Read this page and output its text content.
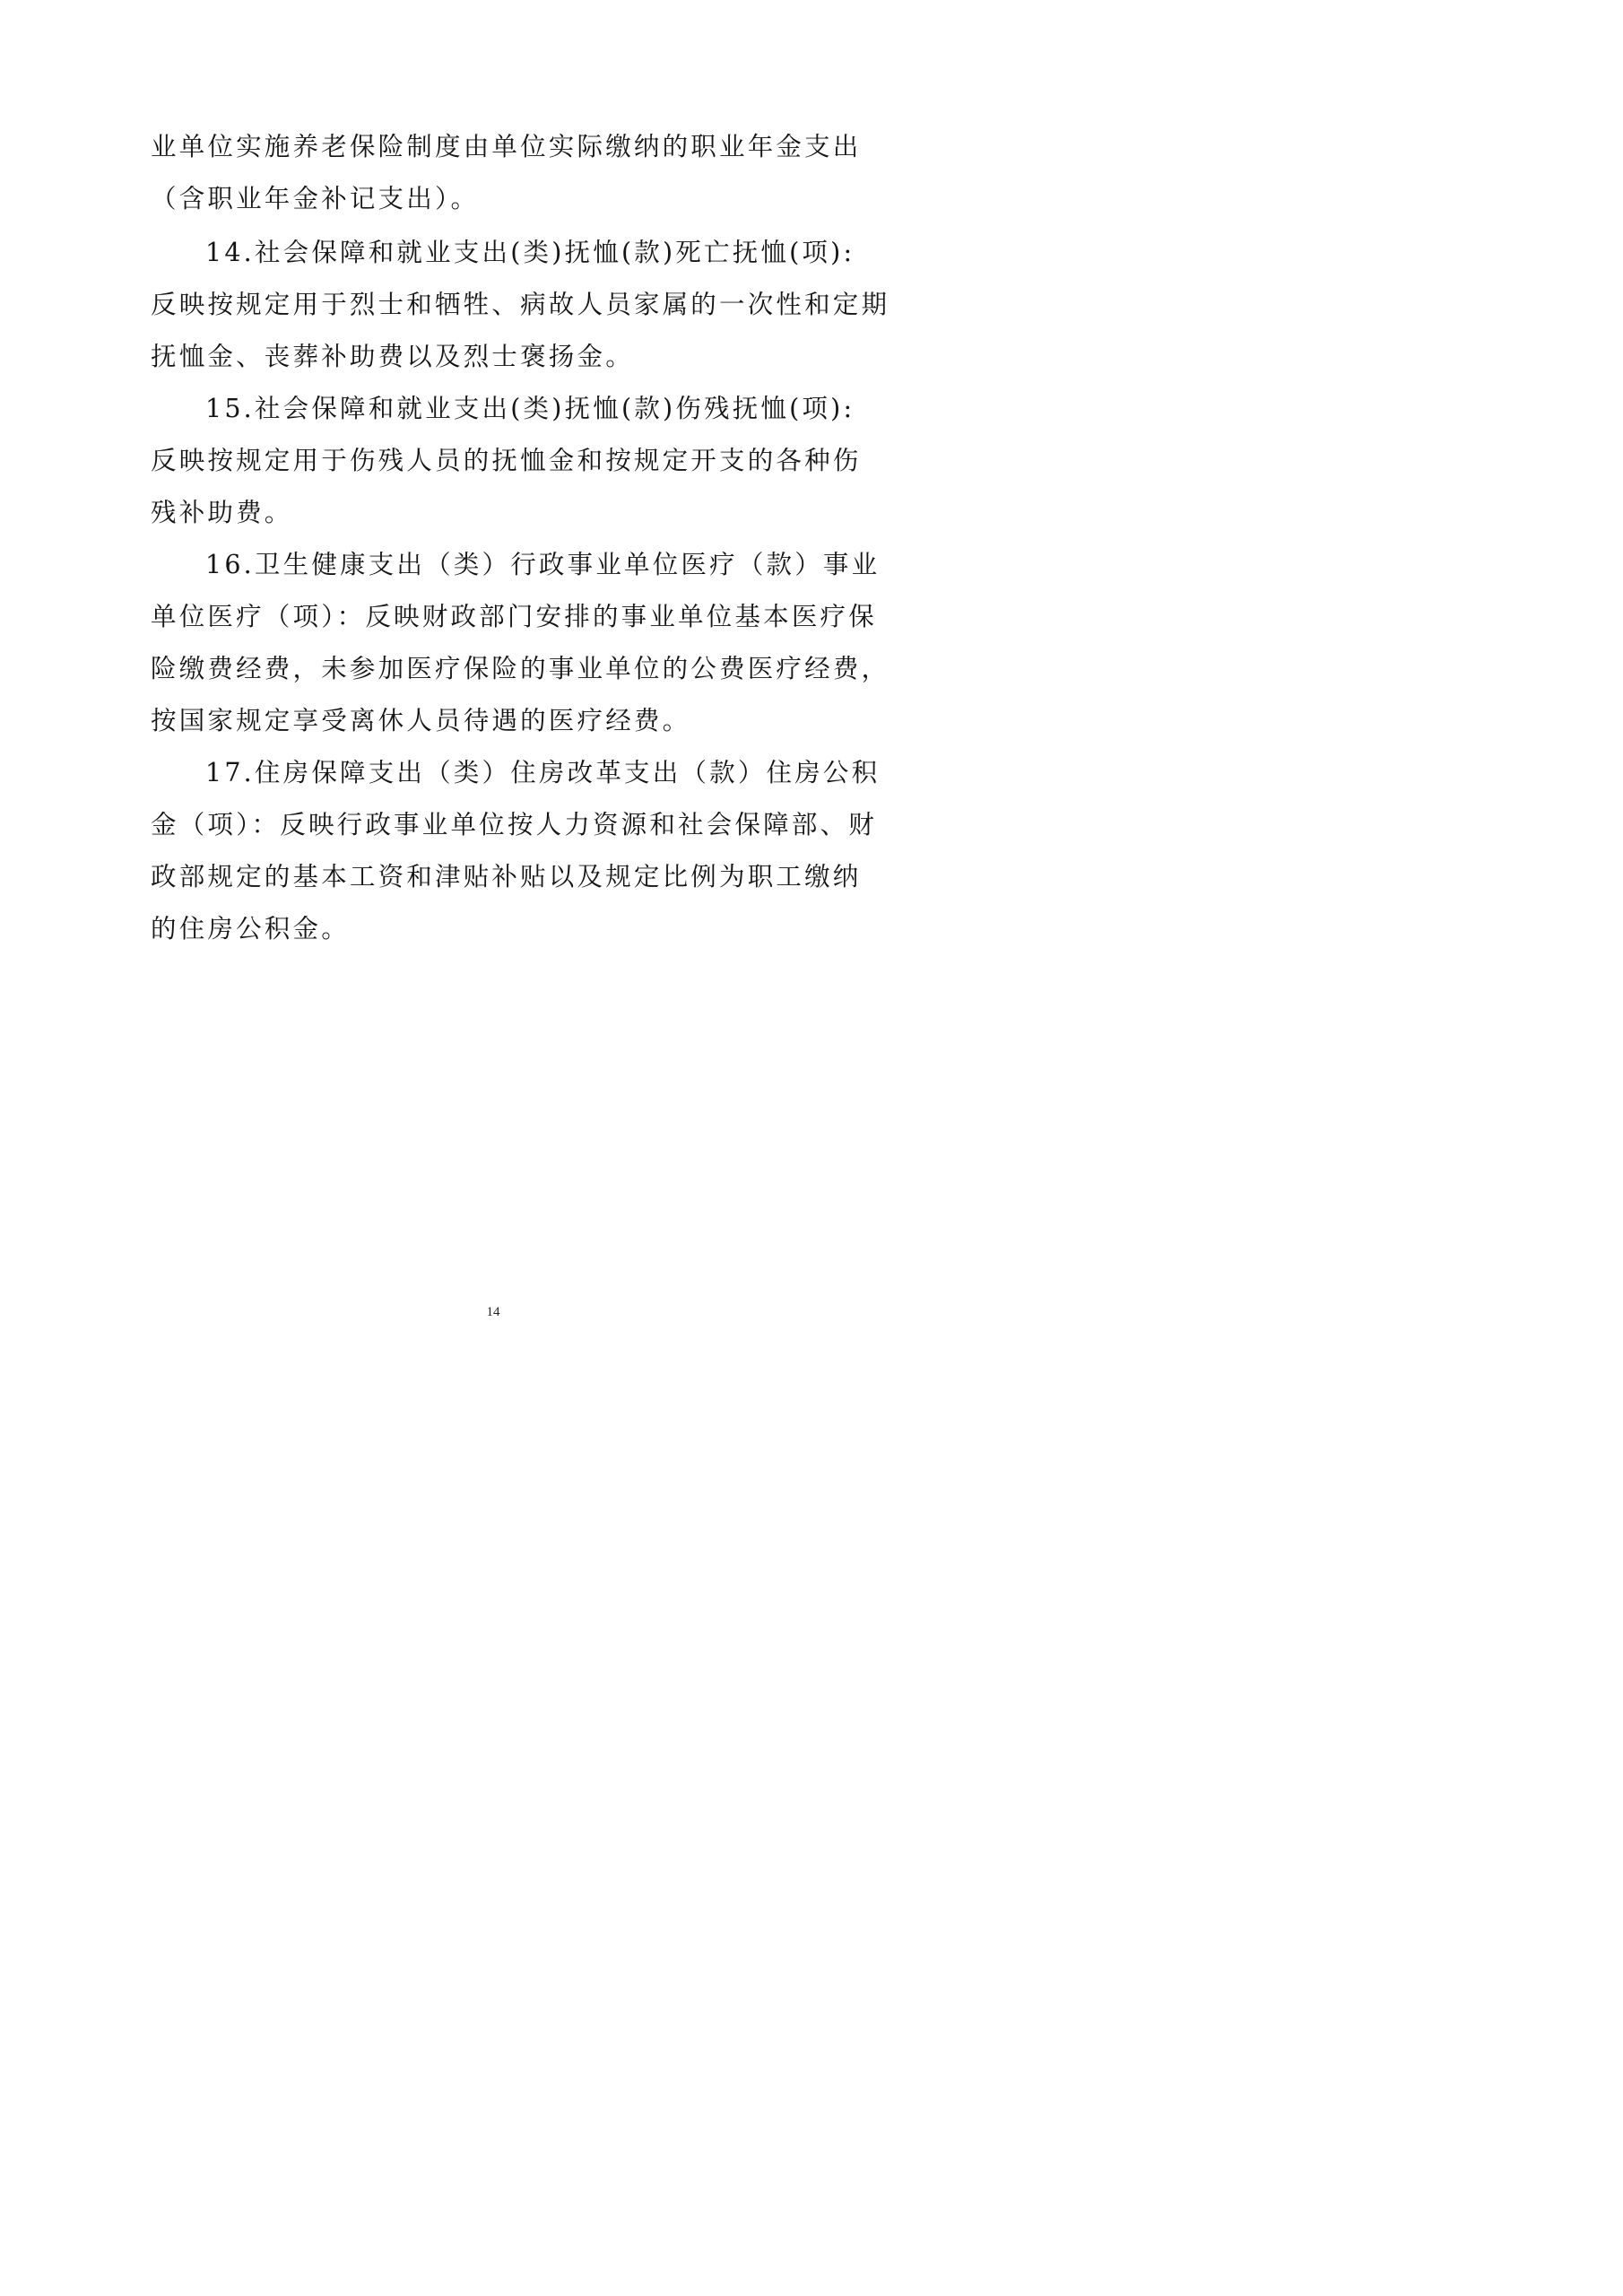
业单位实施养老保险制度由单位实际缴纳的职业年金支出

（含职业年金补记支出）。

14.社会保障和就业支出(类)抚恤(款)死亡抚恤(项):

反映按规定用于烈士和牺牲、病故人员家属的一次性和定期

抚恤金、丧葬补助费以及烈士褒扬金。

15.社会保障和就业支出(类)抚恤(款)伤残抚恤(项):

反映按规定用于伤残人员的抚恤金和按规定开支的各种伤

残补助费。

16.卫生健康支出（类）行政事业单位医疗（款）事业

单位医疗（项）：反映财政部门安排的事业单位基本医疗保

险缴费经费，未参加医疗保险的事业单位的公费医疗经费，

按国家规定享受离休人员待遇的医疗经费。

17.住房保障支出（类）住房改革支出（款）住房公积

金（项）：反映行政事业单位按人力资源和社会保障部、财

政部规定的基本工资和津贴补贴以及规定比例为职工缴纳

的住房公积金。

14
